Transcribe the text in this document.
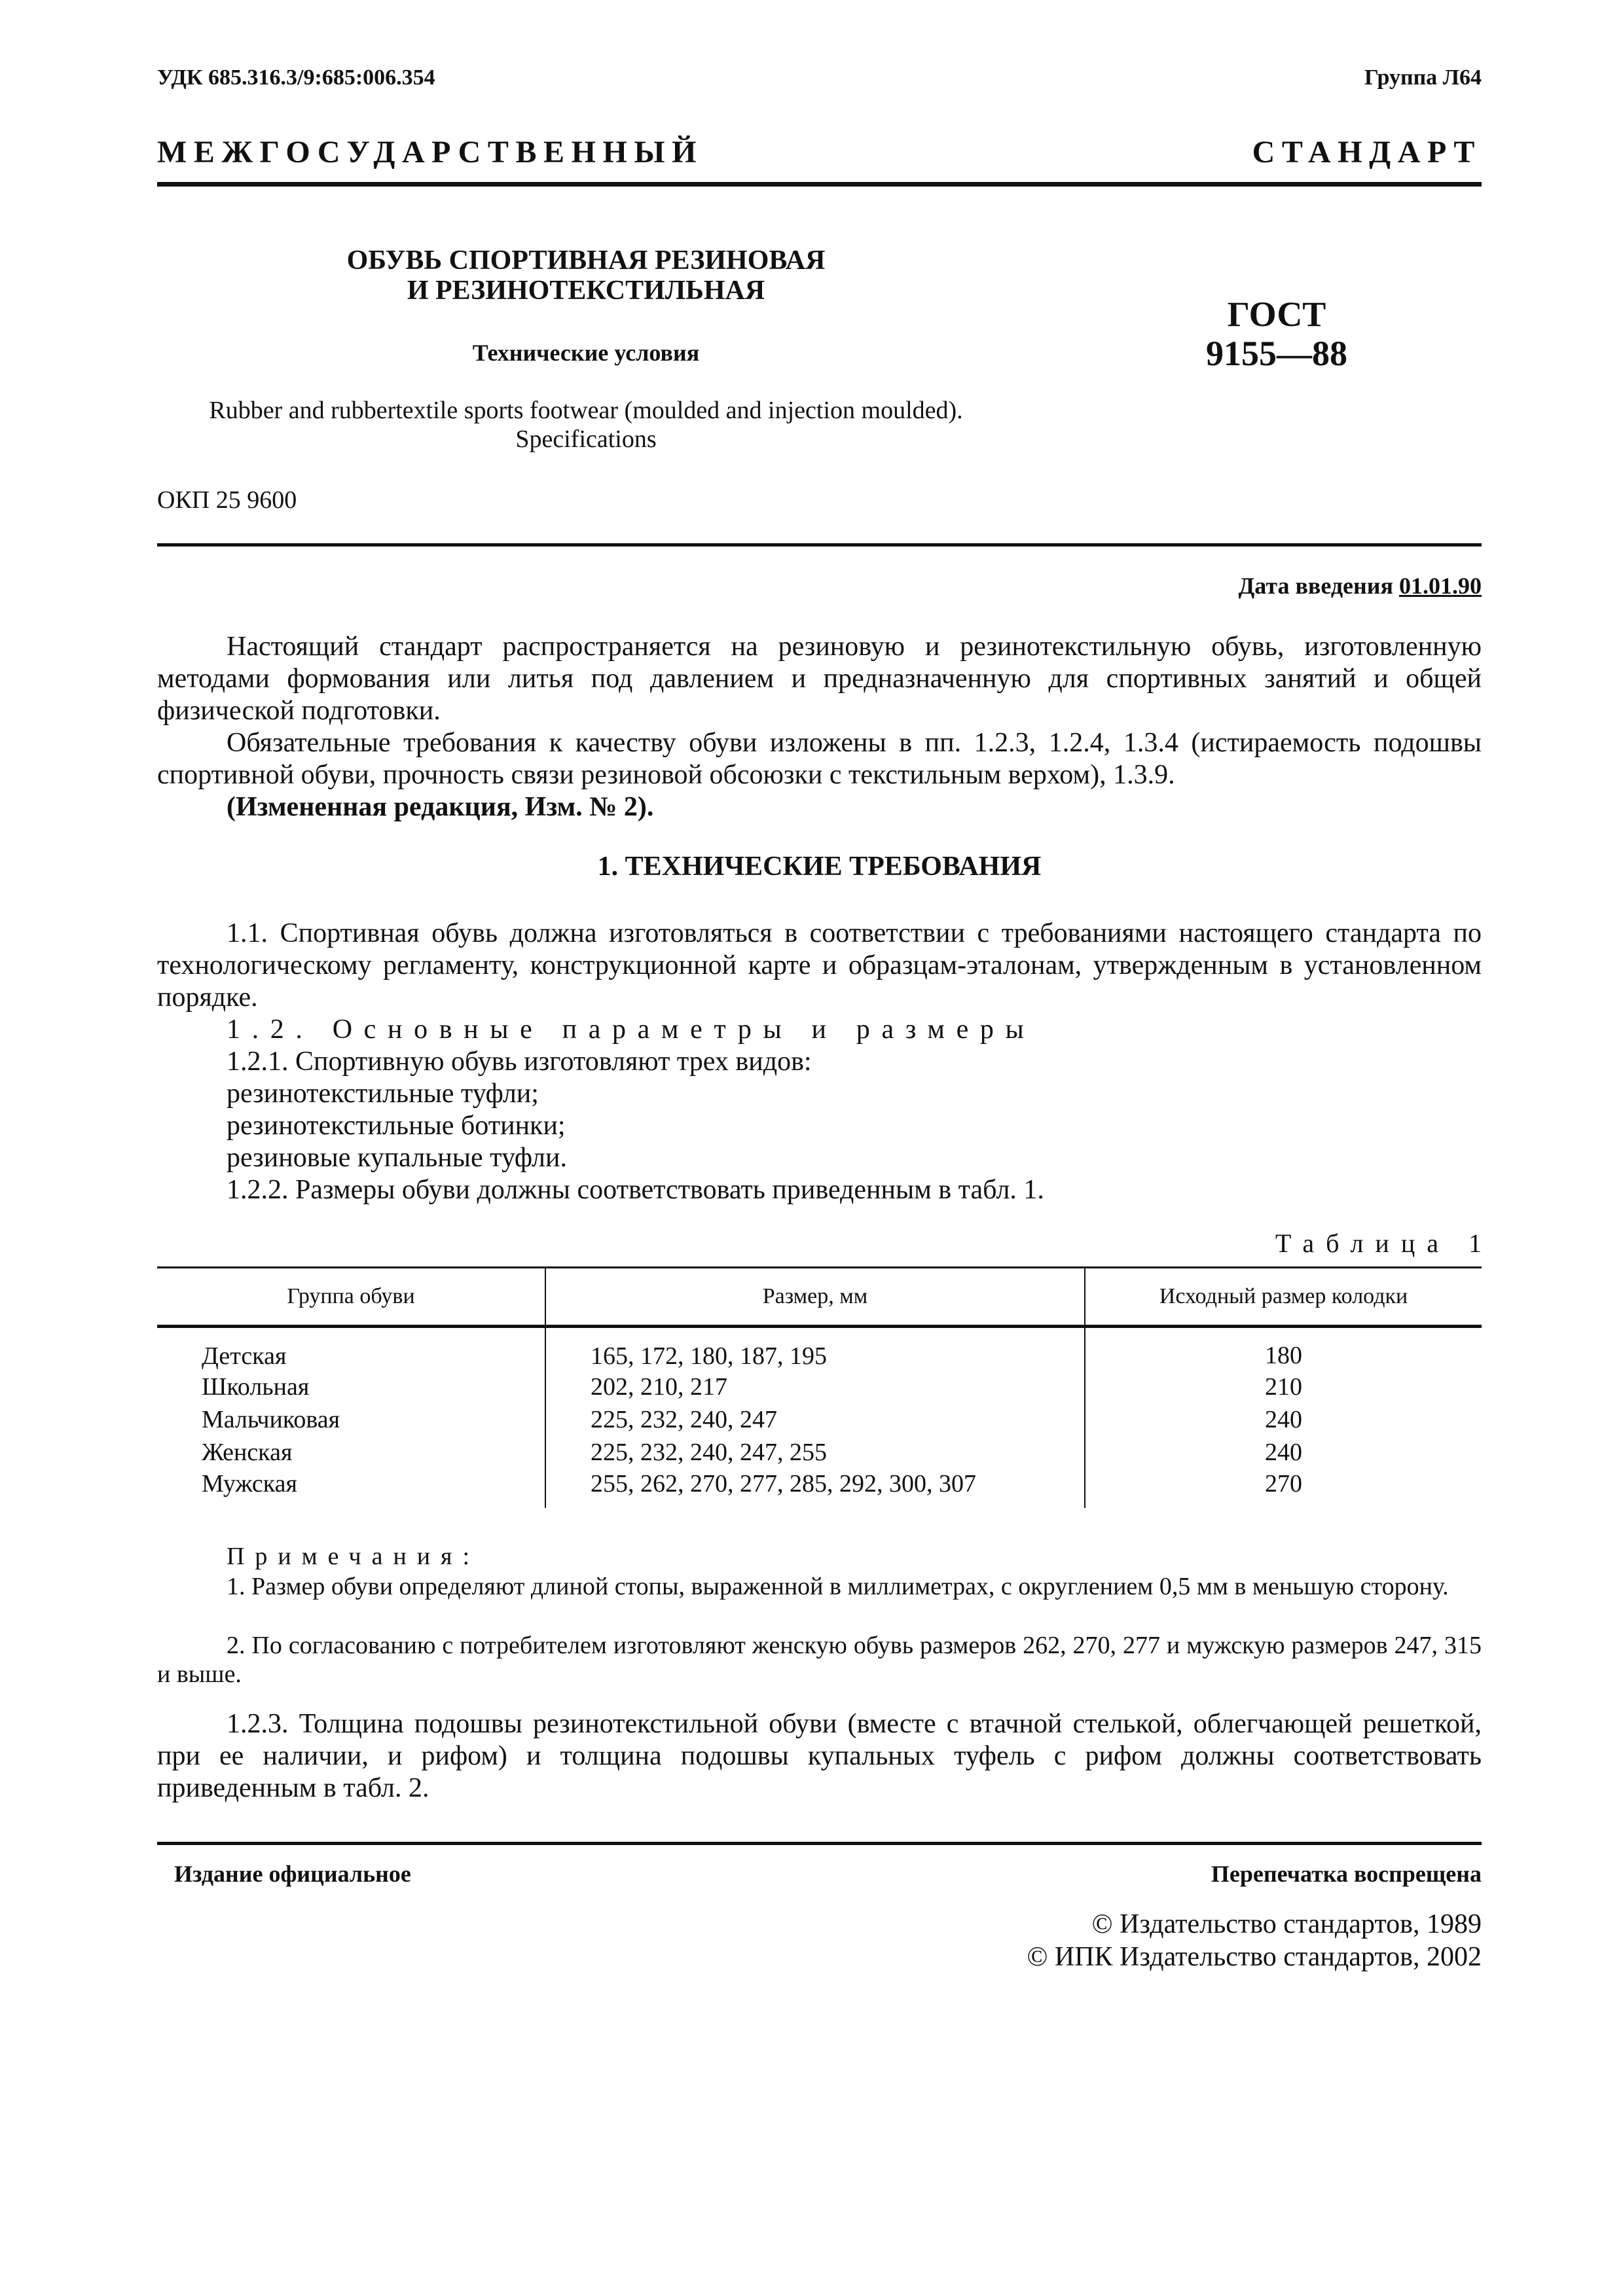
УДК 685.316.3/9:685:006.354	Группа Л64
МЕЖГОСУДАРСТВЕННЫЙ СТАНДАРТ
ОБУВЬ СПОРТИВНАЯ РЕЗИНОВАЯ
И РЕЗИНОТЕКСТИЛЬНАЯ
Технические условия
ГОСТ
9155—88
Rubber and rubbertextile sports footwear (moulded and injection moulded).
Specifications
ОКП 25 9600
Дата введения 01.01.90
Настоящий стандарт распространяется на резиновую и резинотекстильную обувь, изготовленную методами формования или литья под давлением и предназначенную для спортивных занятий и общей физической подготовки.
Обязательные требования к качеству обуви изложены в пп. 1.2.3, 1.2.4, 1.3.4 (истираемость подошвы спортивной обуви, прочность связи резиновой обсоюзки с текстильным верхом), 1.3.9.
(Измененная редакция, Изм. № 2).
1. ТЕХНИЧЕСКИЕ ТРЕБОВАНИЯ
1.1. Спортивная обувь должна изготовляться в соответствии с требованиями настоящего стандарта по технологическому регламенту, конструкционной карте и образцам-эталонам, утвержденным в установленном порядке.
1.2. Основные параметры и размеры
1.2.1. Спортивную обувь изготовляют трех видов:
резинотекстильные туфли;
резинотекстильные ботинки;
резиновые купальные туфли.
1.2.2. Размеры обуви должны соответствовать приведенным в табл. 1.
Таблица 1
Группа обуви	Размер, мм	Исходный размер колодки
Детская	165, 172, 180, 187, 195	180
Школьная	202, 210, 217	210
Мальчиковая	225, 232, 240, 247	240
Женская	225, 232, 240, 247, 255	240
Мужская	255, 262, 270, 277, 285, 292, 300, 307	270
Примечания:
1. Размер обуви определяют длиной стопы, выраженной в миллиметрах, с округлением 0,5 мм в меньшую сторону.
2. По согласованию с потребителем изготовляют женскую обувь размеров 262, 270, 277 и мужскую размеров 247, 315 и выше.
1.2.3. Толщина подошвы резинотекстильной обуви (вместе с втачной стелькой, облегчающей решеткой, при ее наличии, и рифом) и толщина подошвы купальных туфель с рифом должны соответствовать приведенным в табл. 2.
Издание официальное	Перепечатка воспрещена
© Издательство стандартов, 1989
© ИПК Издательство стандартов, 2002
